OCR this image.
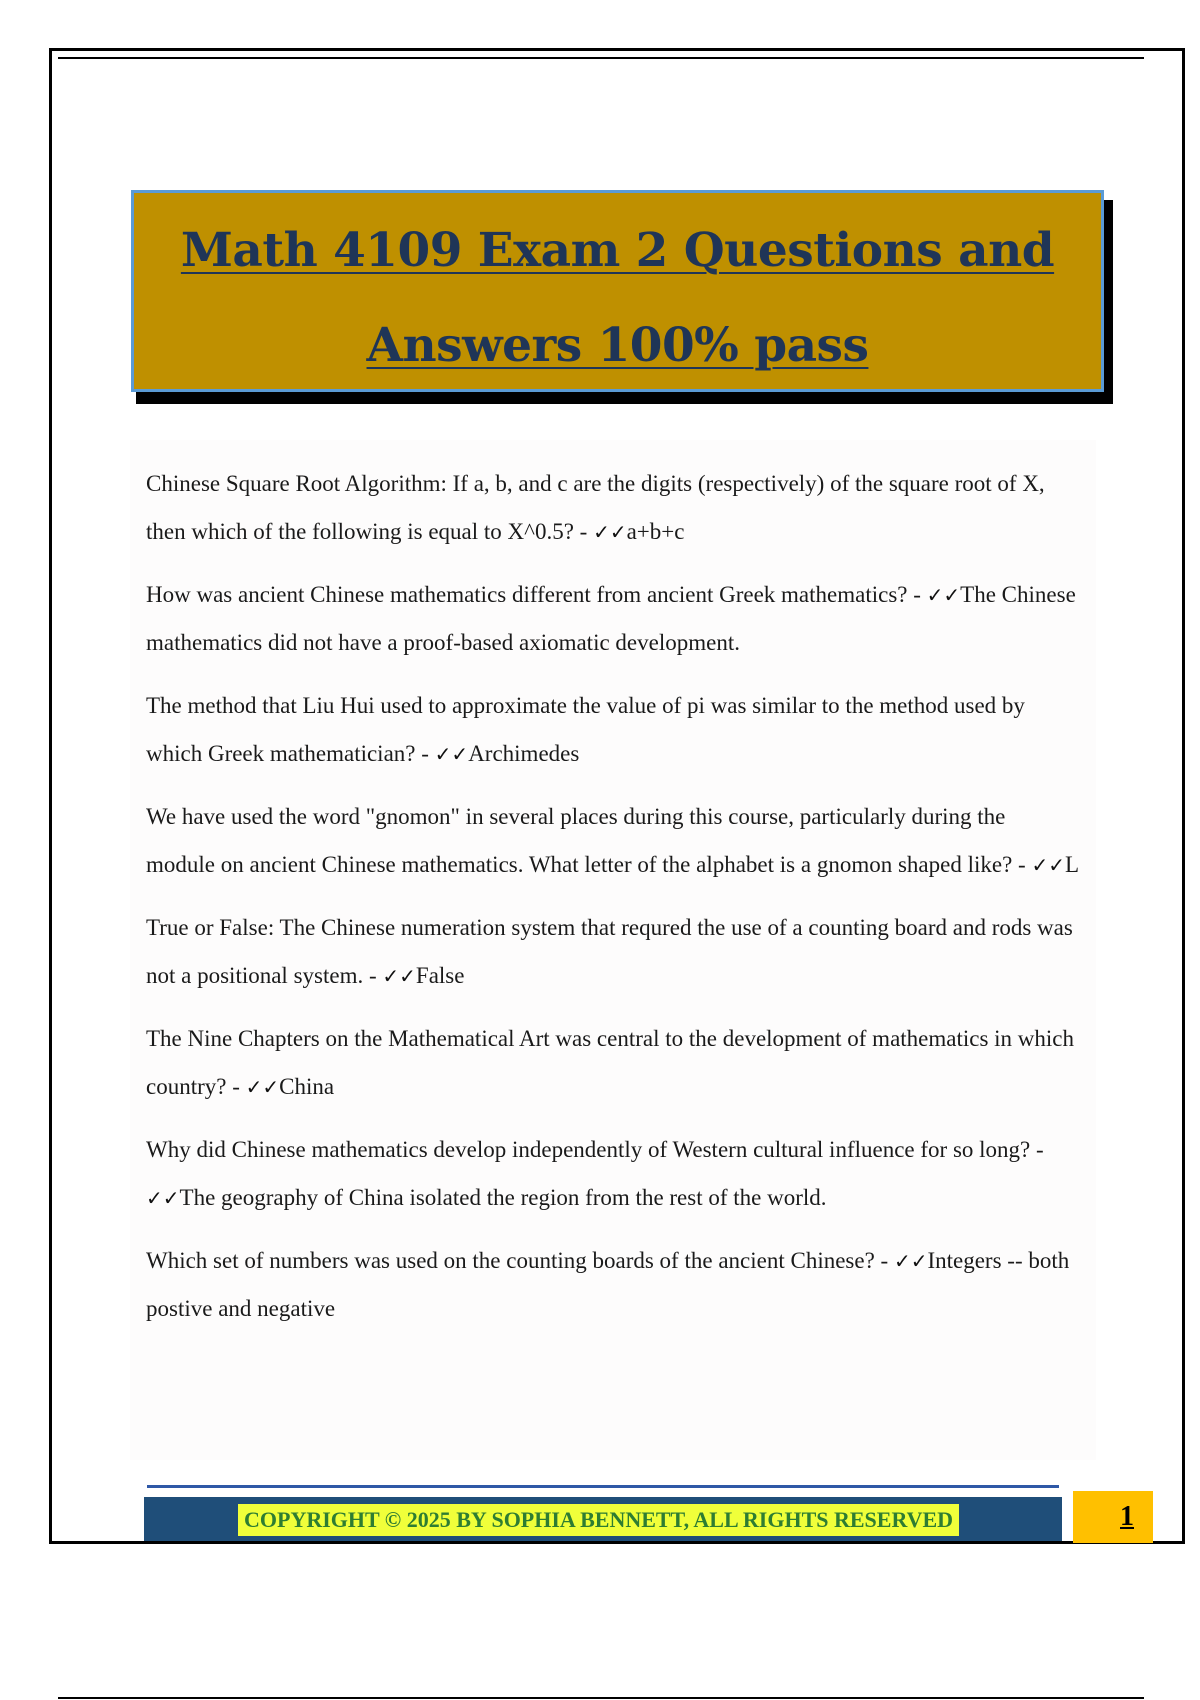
Math 4109 Exam 2 Questions and
Answers 100% pass
Chinese Square Root Algorithm: If a, b, and c are the digits (respectively) of the square root of X, then which of the following is equal to X^0.5? - ✓✓a+b+c
How was ancient Chinese mathematics different from ancient Greek mathematics? - ✓✓The Chinese mathematics did not have a proof-based axiomatic development.
The method that Liu Hui used to approximate the value of pi was similar to the method used by which Greek mathematician? - ✓✓Archimedes
We have used the word "gnomon" in several places during this course, particularly during the module on ancient Chinese mathematics. What letter of the alphabet is a gnomon shaped like? - ✓✓L
True or False: The Chinese numeration system that requred the use of a counting board and rods was not a positional system. - ✓✓False
The Nine Chapters on the Mathematical Art was central to the development of mathematics in which country? - ✓✓China
Why did Chinese mathematics develop independently of Western cultural influence for so long? - ✓✓The geography of China isolated the region from the rest of the world.
Which set of numbers was used on the counting boards of the ancient Chinese? - ✓✓Integers -- both postive and negative
COPYRIGHT © 2025 BY SOPHIA BENNETT, ALL RIGHTS RESERVED	1
